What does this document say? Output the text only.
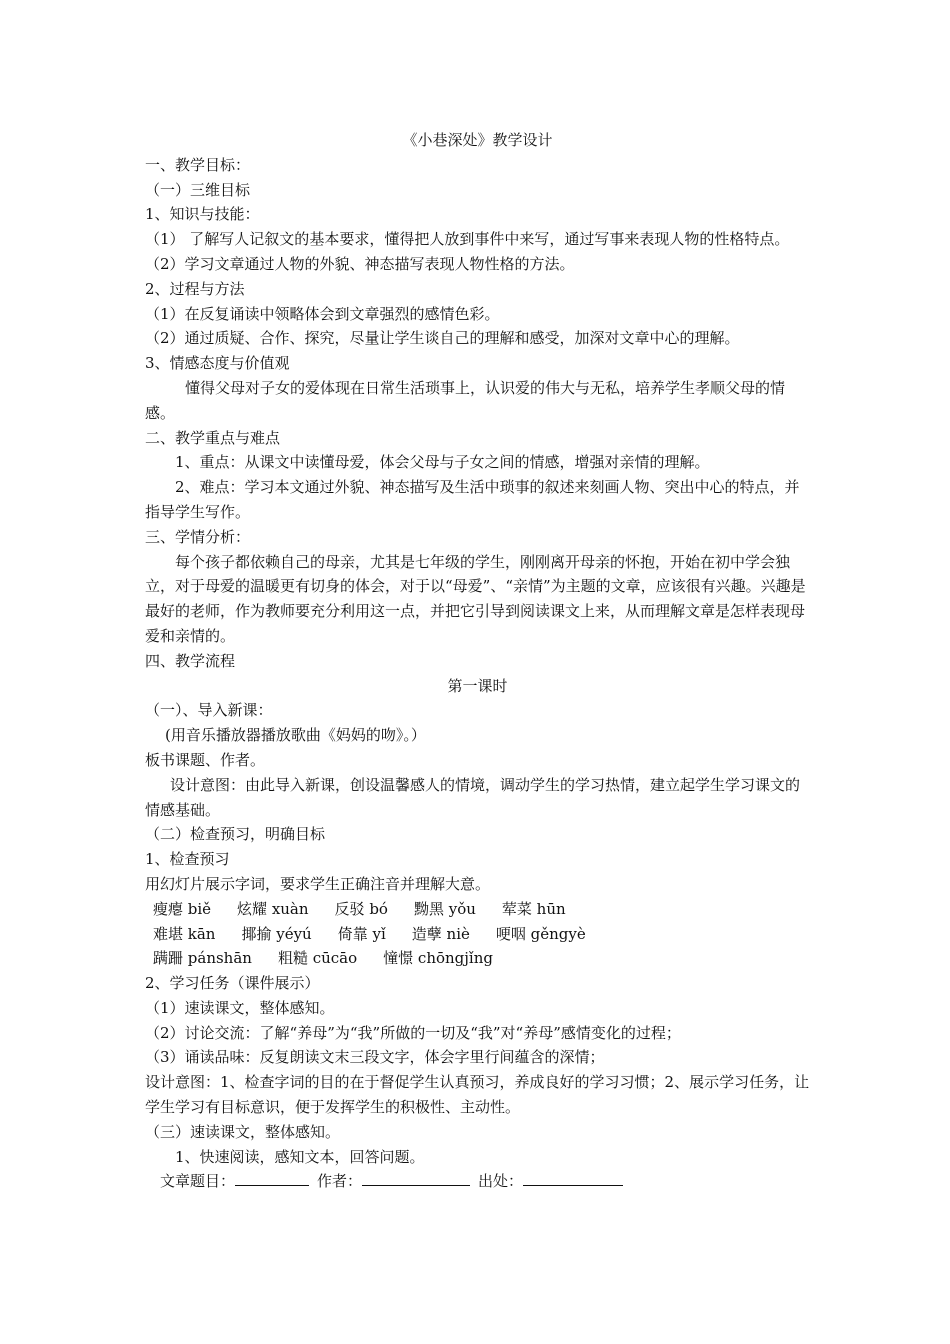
《小巷深处》教学设计
一、教学目标：
（一）三维目标
1、知识与技能：
（1） 了解写人记叙文的基本要求，懂得把人放到事件中来写，通过写事来表现人物的性格特点。
（2）学习文章通过人物的外貌、神态描写表现人物性格的方法。
2、过程与方法
（1）在反复诵读中领略体会到文章强烈的感情色彩。
（2）通过质疑、合作、探究，尽量让学生谈自己的理解和感受，加深对文章中心的理解。
3、情感态度与价值观
懂得父母对子女的爱体现在日常生活琐事上，认识爱的伟大与无私，培养学生孝顺父母的情感。
二、教学重点与难点
1、重点：从课文中读懂母爱，体会父母与子女之间的情感，增强对亲情的理解。
2、难点：学习本文通过外貌、神态描写及生活中琐事的叙述来刻画人物、突出中心的特点，并指导学生写作。
三、学情分析：
每个孩子都依赖自己的母亲，尤其是七年级的学生，刚刚离开母亲的怀抱，开始在初中学会独立，对于母爱的温暖更有切身的体会，对于以“母爱”、“亲情”为主题的文章，应该很有兴趣。兴趣是最好的老师，作为教师要充分利用这一点，并把它引导到阅读课文上来，从而理解文章是怎样表现母爱和亲情的。
四、教学流程
第一课时
（一）、导入新课：
(用音乐播放器播放歌曲《妈妈的吻》。）
板书课题、作者。
设计意图：由此导入新课，创设温馨感人的情境，调动学生的学习热情，建立起学生学习课文的情感基础。
（二）检查预习，明确目标
1、检查预习
用幻灯片展示字词，要求学生正确注音并理解大意。
瘦瘪 biě 炫耀 xuàn 反驳 bó 黝黑 yǒu 荤菜 hūn
难堪 kān 揶揄 yéyú 倚靠 yǐ 造孽 niè 哽咽 gěngyè
蹒跚 pánshān 粗糙 cūcāo 憧憬 chōngjǐng
2、学习任务（课件展示）
（1）速读课文，整体感知。
（2）讨论交流：了解“养母”为“我”所做的一切及“我”对“养母”感情变化的过程；
（3）诵读品味：反复朗读文末三段文字，体会字里行间蕴含的深情；
设计意图：1、检查字词的目的在于督促学生认真预习，养成良好的学习习惯；2、展示学习任务，让学生学习有目标意识，便于发挥学生的积极性、主动性。
（三）速读课文，整体感知。
1、快速阅读，感知文本，回答问题。
文章题目：	作者：	出处：
